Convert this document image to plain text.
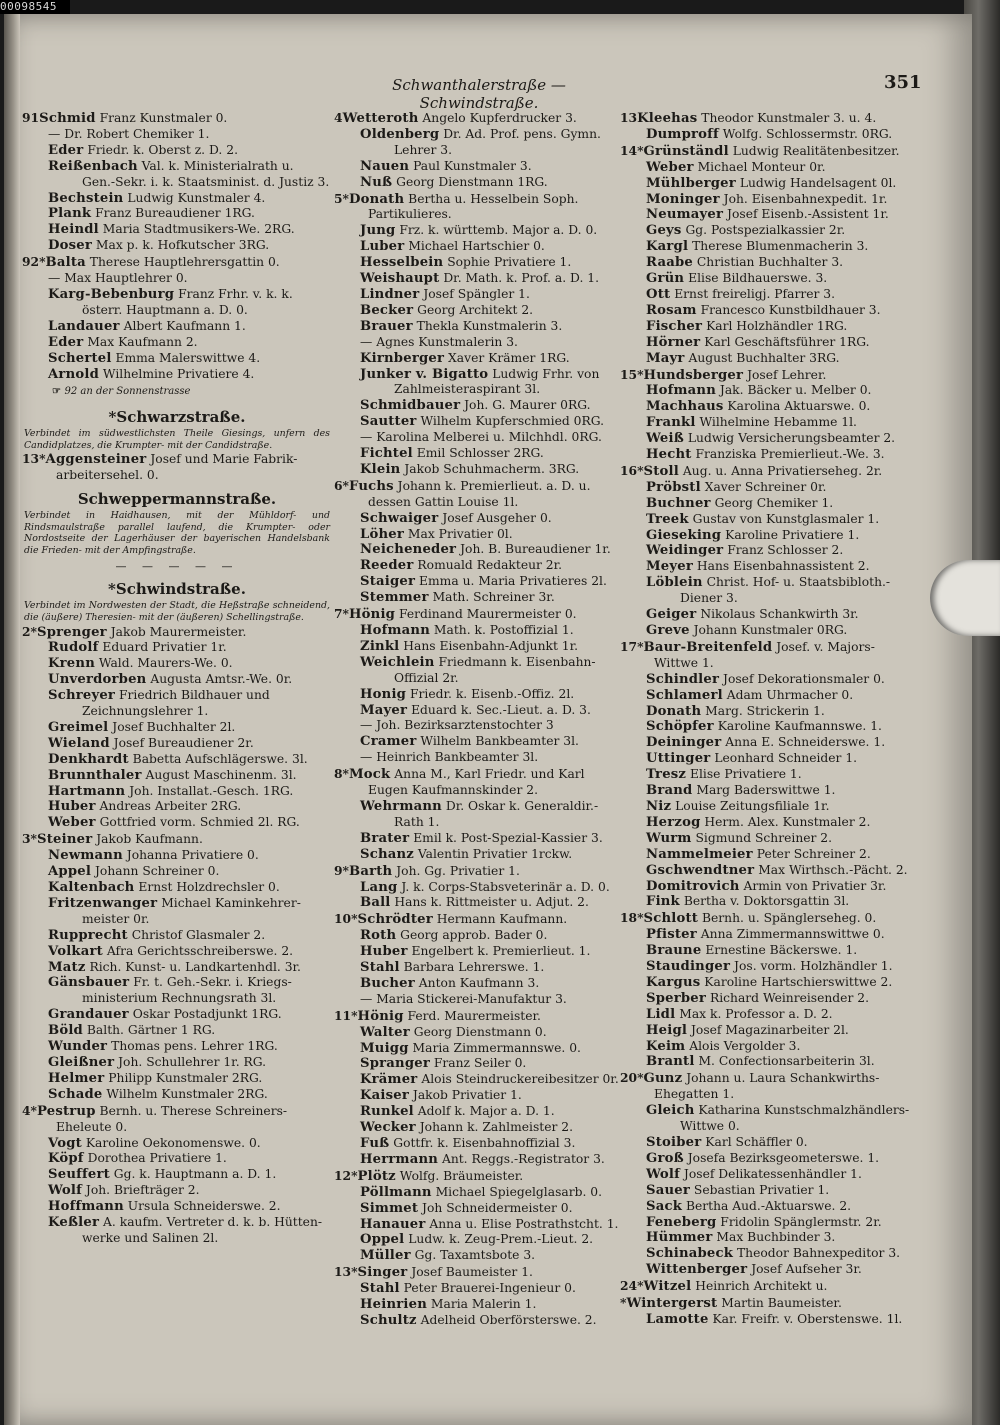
00098545
Schwanthalerstraße — Schwindstraße.
351
91Schmid Franz Kunstmaler 0.
— Dr. Robert Chemiker 1.
Eder Friedr. k. Oberst z. D. 2.
Reißenbach Val. k. Ministerialrath u.
Gen.-Sekr. i. k. Staatsminist. d. Justiz 3.
Bechstein Ludwig Kunstmaler 4.
Plank Franz Bureaudiener 1RG.
Heindl Maria Stadtmusikers-We. 2RG.
Doser Max p. k. Hofkutscher 3RG.
92*Balta Therese Hauptlehrersgattin 0.
— Max Hauptlehrer 0.
Karg-Bebenburg Franz Frhr. v. k. k.
österr. Hauptmann a. D. 0.
Landauer Albert Kaufmann 1.
Eder Max Kaufmann 2.
Schertel Emma Malerswittwe 4.
Arnold Wilhelmine Privatiere 4.
☞ 92 an der Sonnenstrasse
*Schwarzstraße.
Verbindet im südwestlichsten Theile Giesings, unfern des Candidplatzes, die Krumpter- mit der Candidstraße.
13*Aggensteiner Josef und Marie Fabrik-
arbeitersehel. 0.
Schweppermannstraße.
Verbindet in Haidhausen, mit der Mühldorf- und Rindsmaulstraße parallel laufend, die Krumpter- oder Nordostseite der Lagerhäuser der bayerischen Handelsbank die Frieden- mit der Ampfingstraße.
— — — — —
*Schwindstraße.
Verbindet im Nordwesten der Stadt, die Heßstraße schneidend, die (äußere) Theresien- mit der (äußeren) Schellingstraße.
2*Sprenger Jakob Maurermeister.
Rudolf Eduard Privatier 1r.
Krenn Wald. Maurers-We. 0.
Unverdorben Augusta Amtsr.-We. 0r.
Schreyer Friedrich Bildhauer und
Zeichnungslehrer 1.
Greimel Josef Buchhalter 2l.
Wieland Josef Bureaudiener 2r.
Denkhardt Babetta Aufschlägerswe. 3l.
Brunnthaler August Maschinenm. 3l.
Hartmann Joh. Installat.-Gesch. 1RG.
Huber Andreas Arbeiter 2RG.
Weber Gottfried vorm. Schmied 2l. RG.
3*Steiner Jakob Kaufmann.
Newmann Johanna Privatiere 0.
Appel Johann Schreiner 0.
Kaltenbach Ernst Holzdrechsler 0.
Fritzenwanger Michael Kaminkehrer-
meister 0r.
Rupprecht Christof Glasmaler 2.
Volkart Afra Gerichtsschreiberswe. 2.
Matz Rich. Kunst- u. Landkartenhdl. 3r.
Gänsbauer Fr. t. Geh.-Sekr. i. Kriegs-
ministerium Rechnungsrath 3l.
Grandauer Oskar Postadjunkt 1RG.
Böld Balth. Gärtner 1 RG.
Wunder Thomas pens. Lehrer 1RG.
Gleißner Joh. Schullehrer 1r. RG.
Helmer Philipp Kunstmaler 2RG.
Schade Wilhelm Kunstmaler 2RG.
4*Pestrup Bernh. u. Therese Schreiners-
Eheleute 0.
Vogt Karoline Oekonomenswe. 0.
Köpf Dorothea Privatiere 1.
Seuffert Gg. k. Hauptmann a. D. 1.
Wolf Joh. Briefträger 2.
Hoffmann Ursula Schneiderswe. 2.
Keßler A. kaufm. Vertreter d. k. b. Hütten-
werke und Salinen 2l.
4Wetteroth Angelo Kupferdrucker 3.
Oldenberg Dr. Ad. Prof. pens. Gymn.
Lehrer 3.
Nauen Paul Kunstmaler 3.
Nuß Georg Dienstmann 1RG.
5*Donath Bertha u. Hesselbein Soph.
Partikulieres.
Jung Frz. k. württemb. Major a. D. 0.
Luber Michael Hartschier 0.
Hesselbein Sophie Privatiere 1.
Weishaupt Dr. Math. k. Prof. a. D. 1.
Lindner Josef Spängler 1.
Becker Georg Architekt 2.
Brauer Thekla Kunstmalerin 3.
— Agnes Kunstmalerin 3.
Kirnberger Xaver Krämer 1RG.
Junker v. Bigatto Ludwig Frhr. von
Zahlmeisteraspirant 3l.
Schmidbauer Joh. G. Maurer 0RG.
Sautter Wilhelm Kupferschmied 0RG.
— Karolina Melberei u. Milchhdl. 0RG.
Fichtel Emil Schlosser 2RG.
Klein Jakob Schuhmacherm. 3RG.
6*Fuchs Johann k. Premierlieut. a. D. u.
dessen Gattin Louise 1l.
Schwaiger Josef Ausgeher 0.
Löher Max Privatier 0l.
Neicheneder Joh. B. Bureaudiener 1r.
Reeder Romuald Redakteur 2r.
Staiger Emma u. Maria Privatieres 2l.
Stemmer Math. Schreiner 3r.
7*Hönig Ferdinand Maurermeister 0.
Hofmann Math. k. Postoffizial 1.
Zinkl Hans Eisenbahn-Adjunkt 1r.
Weichlein Friedmann k. Eisenbahn-
Offizial 2r.
Honig Friedr. k. Eisenb.-Offiz. 2l.
Mayer Eduard k. Sec.-Lieut. a. D. 3.
— Joh. Bezirksarztenstochter 3
Cramer Wilhelm Bankbeamter 3l.
— Heinrich Bankbeamter 3l.
8*Mock Anna M., Karl Friedr. und Karl
Eugen Kaufmannskinder 2.
Wehrmann Dr. Oskar k. Generaldir.-
Rath 1.
Brater Emil k. Post-Spezial-Kassier 3.
Schanz Valentin Privatier 1rckw.
9*Barth Joh. Gg. Privatier 1.
Lang J. k. Corps-Stabsveterinär a. D. 0.
Ball Hans k. Rittmeister u. Adjut. 2.
10*Schrödter Hermann Kaufmann.
Roth Georg approb. Bader 0.
Huber Engelbert k. Premierlieut. 1.
Stahl Barbara Lehrerswe. 1.
Bucher Anton Kaufmann 3.
— Maria Stickerei-Manufaktur 3.
11*Hönig Ferd. Maurermeister.
Walter Georg Dienstmann 0.
Muigg Maria Zimmermannswe. 0.
Spranger Franz Seiler 0.
Krämer Alois Steindruckereibesitzer 0r.
Kaiser Jakob Privatier 1.
Runkel Adolf k. Major a. D. 1.
Wecker Johann k. Zahlmeister 2.
Fuß Gottfr. k. Eisenbahnoffizial 3.
Herrmann Ant. Reggs.-Registrator 3.
12*Plötz Wolfg. Bräumeister.
Pöllmann Michael Spiegelglasarb. 0.
Simmet Joh Schneidermeister 0.
Hanauer Anna u. Elise Postrathstcht. 1.
Oppel Ludw. k. Zeug-Prem.-Lieut. 2.
Müller Gg. Taxamtsbote 3.
13*Singer Josef Baumeister 1.
Stahl Peter Brauerei-Ingenieur 0.
Heinrien Maria Malerin 1.
Schultz Adelheid Oberförsterswe. 2.
13Kleehas Theodor Kunstmaler 3. u. 4.
Dumproff Wolfg. Schlossermstr. 0RG.
14*Grünständl Ludwig Realitätenbesitzer.
Weber Michael Monteur 0r.
Mühlberger Ludwig Handelsagent 0l.
Moninger Joh. Eisenbahnexpedit. 1r.
Neumayer Josef Eisenb.-Assistent 1r.
Geys Gg. Postspezialkassier 2r.
Kargl Therese Blumenmacherin 3.
Raabe Christian Buchhalter 3.
Grün Elise Bildhauerswe. 3.
Ott Ernst freireligj. Pfarrer 3.
Rosam Francesco Kunstbildhauer 3.
Fischer Karl Holzhändler 1RG.
Hörner Karl Geschäftsführer 1RG.
Mayr August Buchhalter 3RG.
15*Hundsberger Josef Lehrer.
Hofmann Jak. Bäcker u. Melber 0.
Machhaus Karolina Aktuarswe. 0.
Frankl Wilhelmine Hebamme 1l.
Weiß Ludwig Versicherungsbeamter 2.
Hecht Franziska Premierlieut.-We. 3.
16*Stoll Aug. u. Anna Privatierseheg. 2r.
Pröbstl Xaver Schreiner 0r.
Buchner Georg Chemiker 1.
Treek Gustav von Kunstglasmaler 1.
Gieseking Karoline Privatiere 1.
Weidinger Franz Schlosser 2.
Meyer Hans Eisenbahnassistent 2.
Löblein Christ. Hof- u. Staatsbibloth.-
Diener 3.
Geiger Nikolaus Schankwirth 3r.
Greve Johann Kunstmaler 0RG.
17*Baur-Breitenfeld Josef. v. Majors-
Wittwe 1.
Schindler Josef Dekorationsmaler 0.
Schlamerl Adam Uhrmacher 0.
Donath Marg. Strickerin 1.
Schöpfer Karoline Kaufmannswe. 1.
Deininger Anna E. Schneiderswe. 1.
Uttinger Leonhard Schneider 1.
Tresz Elise Privatiere 1.
Brand Marg Baderswittwe 1.
Niz Louise Zeitungsfiliale 1r.
Herzog Herm. Alex. Kunstmaler 2.
Wurm Sigmund Schreiner 2.
Nammelmeier Peter Schreiner 2.
Gschwendtner Max Wirthsch.-Pächt. 2.
Domitrovich Armin von Privatier 3r.
Fink Bertha v. Doktorsgattin 3l.
18*Schlott Bernh. u. Spänglerseheg. 0.
Pfister Anna Zimmermannswittwe 0.
Braune Ernestine Bäckerswe. 1.
Staudinger Jos. vorm. Holzhändler 1.
Kargus Karoline Hartschierswittwe 2.
Sperber Richard Weinreisender 2.
Lidl Max k. Professor a. D. 2.
Heigl Josef Magazinarbeiter 2l.
Keim Alois Vergolder 3.
Brantl M. Confectionsarbeiterin 3l.
20*Gunz Johann u. Laura Schankwirths-
Ehegatten 1.
Gleich Katharina Kunstschmalzhändlers-
Wittwe 0.
Stoiber Karl Schäffler 0.
Groß Josefa Bezirksgeometerswe. 1.
Wolf Josef Delikatessenhändler 1.
Sauer Sebastian Privatier 1.
Sack Bertha Aud.-Aktuarswe. 2.
Feneberg Fridolin Spänglermstr. 2r.
Hümmer Max Buchbinder 3.
Schinabeck Theodor Bahnexpeditor 3.
Wittenberger Josef Aufseher 3r.
24*Witzel Heinrich Architekt u.
*Wintergerst Martin Baumeister.
Lamotte Kar. Freifr. v. Oberstenswe. 1l.
